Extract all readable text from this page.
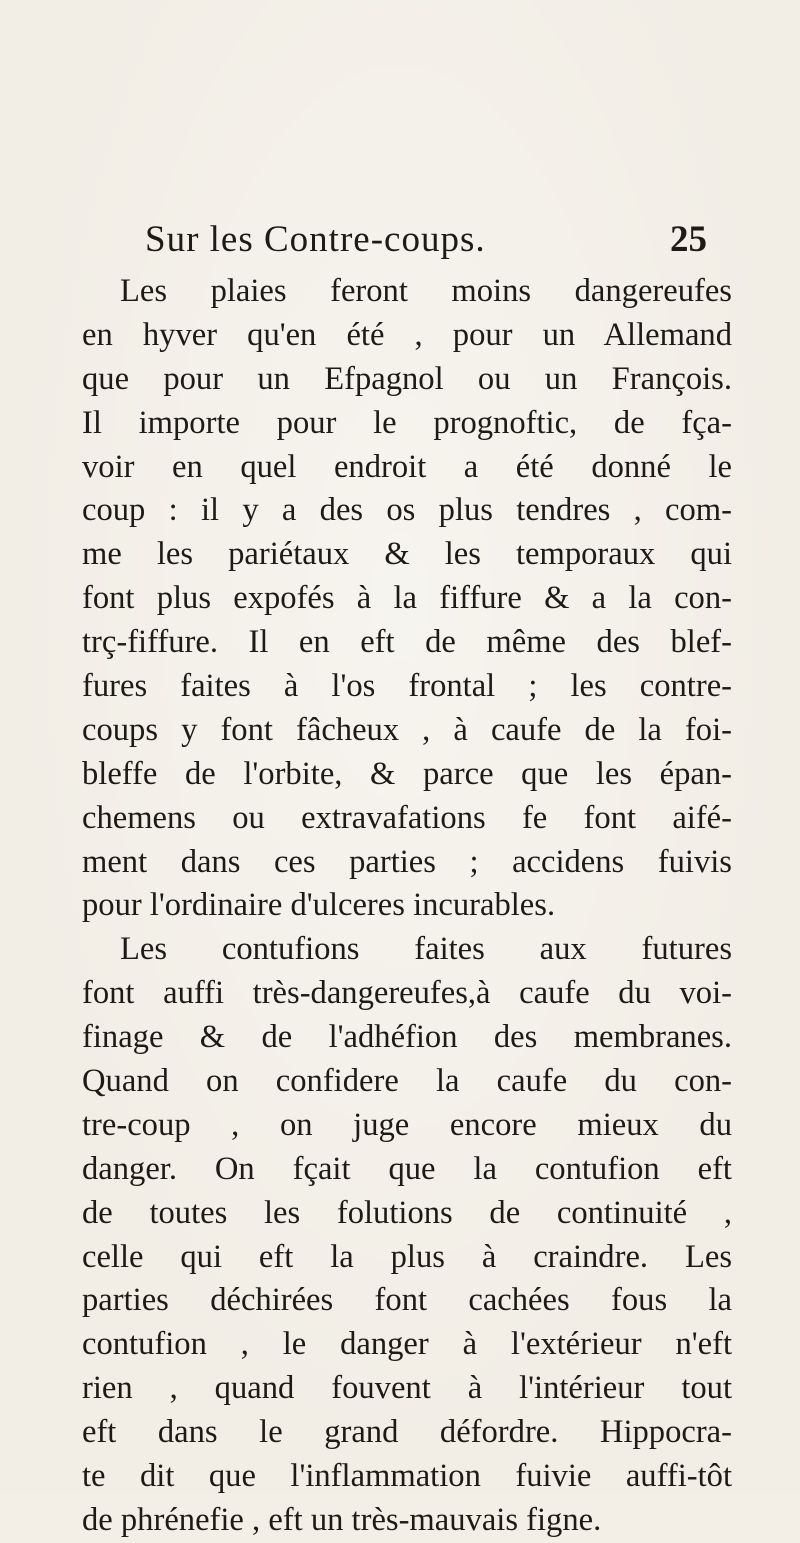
Sur les Contre-coups.	25
Les plaies feront moins dangereufes
en hyver qu'en été , pour un Allemand
que pour un Efpagnol ou un François.
Il importe pour le prognoftic, de fça-
voir en quel endroit a été donné le
coup : il y a des os plus tendres , com-
me les pariétaux & les temporaux qui
font plus expofés à la fiffure & a la con-
trç-fiffure. Il en eft de même des blef-
fures faites à l'os frontal ; les contre-
coups y font fâcheux , à caufe de la foi-
bleffe de l'orbite, & parce que les épan-
chemens ou extravafations fe font aifé-
ment dans ces parties ; accidens fuivis
pour l'ordinaire d'ulceres incurables.
Les contufions faites aux futures
font auffi très-dangereufes,à caufe du voi-
finage & de l'adhéfion des membranes.
Quand on confidere la caufe du con-
tre-coup , on juge encore mieux du
danger. On fçait que la contufion eft
de toutes les folutions de continuité ,
celle qui eft la plus à craindre. Les
parties déchirées font cachées fous la
contufion , le danger à l'extérieur n'eft
rien , quand fouvent à l'intérieur tout
eft dans le grand défordre. Hippocra-
te dit que l'inflammation fuivie auffi-tôt
de phrénefie , eft un très-mauvais figne.
